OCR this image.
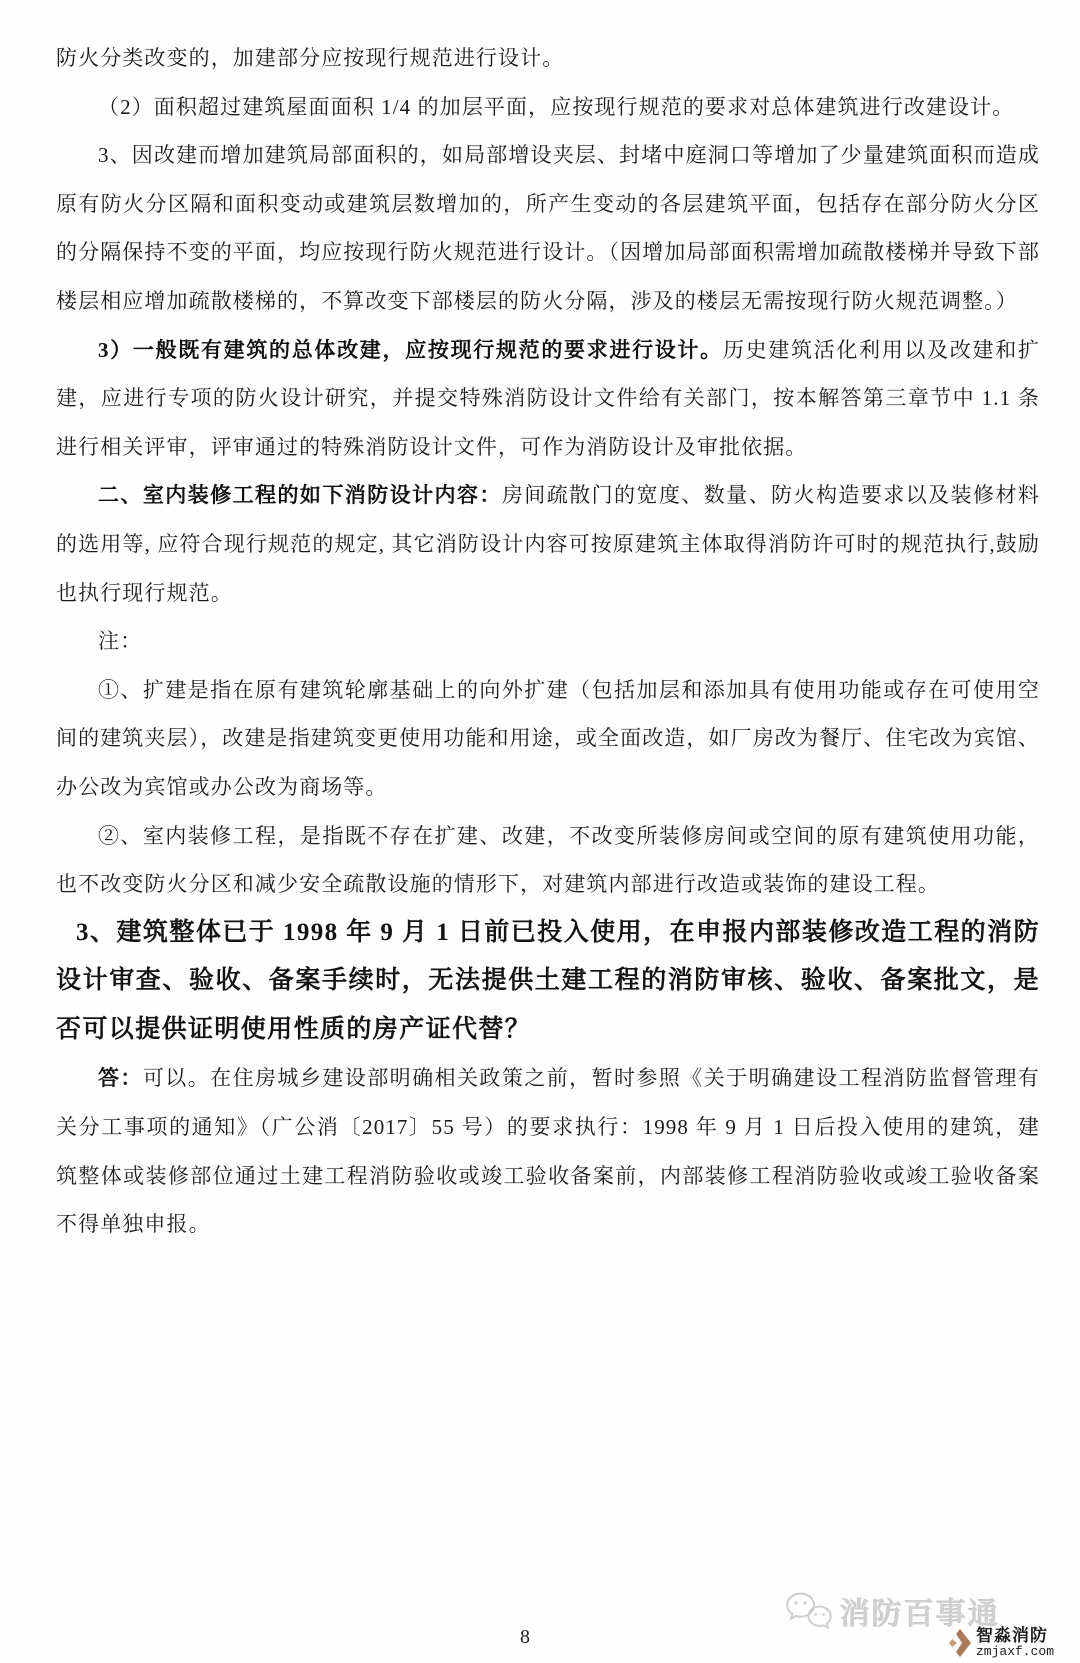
防火分类改变的，加建部分应按现行规范进行设计。

（2）面积超过建筑屋面面积 1/4 的加层平面，应按现行规范的要求对总体建筑进行改建设计。

3、因改建而增加建筑局部面积的，如局部增设夹层、封堵中庭洞口等增加了少量建筑面积而造成原有防火分区隔和面积变动或建筑层数增加的，所产生变动的各层建筑平面，包括存在部分防火分区的分隔保持不变的平面，均应按现行防火规范进行设计。（因增加局部面积需增加疏散楼梯并导致下部楼层相应增加疏散楼梯的，不算改变下部楼层的防火分隔，涉及的楼层无需按现行防火规范调整。）

3）一般既有建筑的总体改建，应按现行规范的要求进行设计。历史建筑活化利用以及改建和扩建，应进行专项的防火设计研究，并提交特殊消防设计文件给有关部门，按本解答第三章节中 1.1 条进行相关评审，评审通过的特殊消防设计文件，可作为消防设计及审批依据。

二、室内装修工程的如下消防设计内容：房间疏散门的宽度、数量、防火构造要求以及装修材料的选用等, 应符合现行规范的规定, 其它消防设计内容可按原建筑主体取得消防许可时的规范执行,鼓励也执行现行规范。

注：

①、扩建是指在原有建筑轮廓基础上的向外扩建（包括加层和添加具有使用功能或存在可使用空间的建筑夹层），改建是指建筑变更使用功能和用途，或全面改造，如厂房改为餐厅、住宅改为宾馆、办公改为宾馆或办公改为商场等。

②、室内装修工程，是指既不存在扩建、改建，不改变所装修房间或空间的原有建筑使用功能，也不改变防火分区和减少安全疏散设施的情形下，对建筑内部进行改造或装饰的建设工程。

3、建筑整体已于 1998 年 9 月 1 日前已投入使用，在申报内部装修改造工程的消防设计审查、验收、备案手续时，无法提供土建工程的消防审核、验收、备案批文，是否可以提供证明使用性质的房产证代替？

答：可以。在住房城乡建设部明确相关政策之前，暂时参照《关于明确建设工程消防监督管理有关分工事项的通知》（广公消〔2017〕55 号）的要求执行：1998 年 9 月 1 日后投入使用的建筑，建筑整体或装修部位通过土建工程消防验收或竣工验收备案前，内部装修工程消防验收或竣工验收备案不得单独申报。

8
消防百事通
智淼消防
zmjaxf.com
